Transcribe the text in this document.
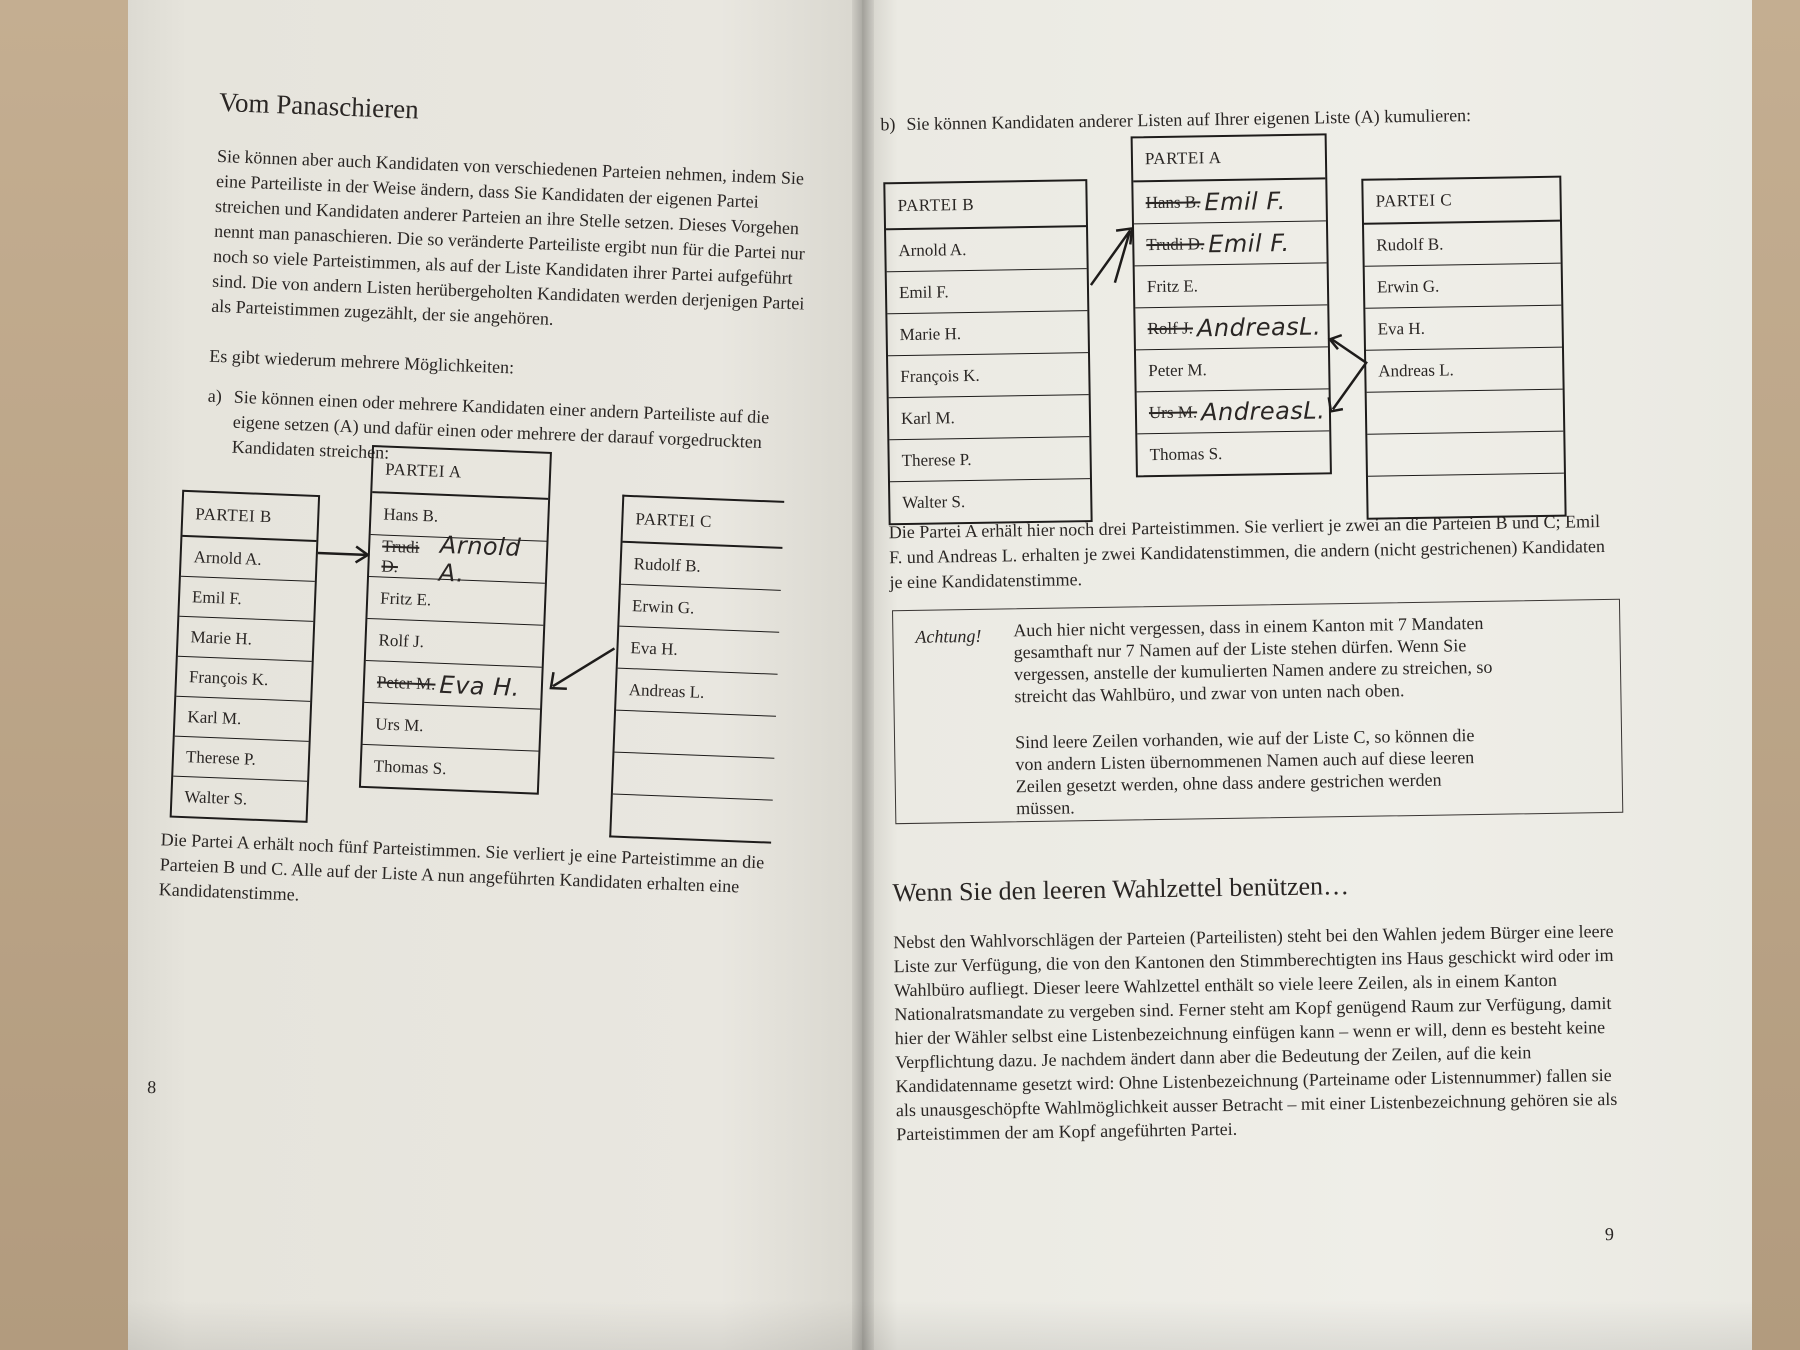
Vom Panaschieren

Sie können aber auch Kandidaten von verschiedenen Parteien nehmen, indem Sie eine Parteiliste in der Weise ändern, dass Sie Kandidaten der eigenen Partei streichen und Kandidaten anderer Parteien an ihre Stelle setzen. Dieses Vorgehen nennt man panaschieren. Die so veränderte Parteiliste ergibt nun für die Partei nur noch so viele Parteistimmen, als auf der Liste Kandidaten ihrer Partei aufgeführt sind. Die von andern Listen herübergeholten Kandidaten werden derjenigen Partei als Parteistimmen zugezählt, der sie angehören.

Es gibt wiederum mehrere Möglichkeiten:

a) Sie können einen oder mehrere Kandidaten einer andern Parteiliste auf die eigene setzen (A) und dafür einen oder mehrere der darauf vorgedruckten Kandidaten streichen:

PARTEI B
Arnold A.
Emil F.
Marie H.
François K.
Karl M.
Therese P.
Walter S.
PARTEI A
Hans B.
Trudi D.
Arnold A.
Fritz E.
Rolf J.
Peter M. Eva H.
Urs M.
Thomas S.
PARTEI C
Rudolf B.
Erwin G.
Eva H.
Andreas L.

Die Partei A erhält noch fünf Parteistimmen. Sie verliert je eine Parteistimme an die Parteien B und C. Alle auf der Liste A nun angeführten Kandidaten erhalten eine Kandidatenstimme.

8
b) Sie können Kandidaten anderer Listen auf Ihrer eigenen Liste (A) kumulieren:

PARTEI B
Arnold A.
Emil F.
Marie H.
François K.
Karl M.
Therese P.
Walter S.
PARTEI A
Hans B. Emil F.
Trudi D. Emil F.
Fritz E.
Rolf J. AndreasL.
Peter M.
Urs M. AndreasL.
Thomas S.
PARTEI C
Rudolf B.
Erwin G.
Eva H.
Andreas L.

Die Partei A erhält hier noch drei Parteistimmen. Sie verliert je zwei an die Parteien B und C; Emil F. und Andreas L. erhalten je zwei Kandidatenstimmen, die andern (nicht gestrichenen) Kandidaten je eine Kandidatenstimme.

Achtung! Auch hier nicht vergessen, dass in einem Kanton mit 7 Mandaten gesamthaft nur 7 Namen auf der Liste stehen dürfen. Wenn Sie vergessen, anstelle der kumulierten Namen andere zu streichen, so streicht das Wahlbüro, und zwar von unten nach oben.

Sind leere Zeilen vorhanden, wie auf der Liste C, so können die von andern Listen übernommenen Namen auch auf diese leeren Zeilen gesetzt werden, ohne dass andere gestrichen werden müssen.

Wenn Sie den leeren Wahlzettel benützen…

Nebst den Wahlvorschlägen der Parteien (Parteilisten) steht bei den Wahlen jedem Bürger eine leere Liste zur Verfügung, die von den Kantonen den Stimmberechtigten ins Haus geschickt wird oder im Wahlbüro aufliegt. Dieser leere Wahlzettel enthält so viele leere Zeilen, als in einem Kanton Nationalratsmandate zu vergeben sind. Ferner steht am Kopf genügend Raum zur Verfügung, damit hier der Wähler selbst eine Listenbezeichnung einfügen kann – wenn er will, denn es besteht keine Verpflichtung dazu. Je nachdem ändert dann aber die Bedeutung der Zeilen, auf die kein Kandidatenname gesetzt wird: Ohne Listenbezeichnung (Parteiname oder Listennummer) fallen sie als unausgeschöpfte Wahlmöglichkeit ausser Betracht – mit einer Listenbezeichnung gehören sie als Parteistimmen der am Kopf angeführten Partei.

9
